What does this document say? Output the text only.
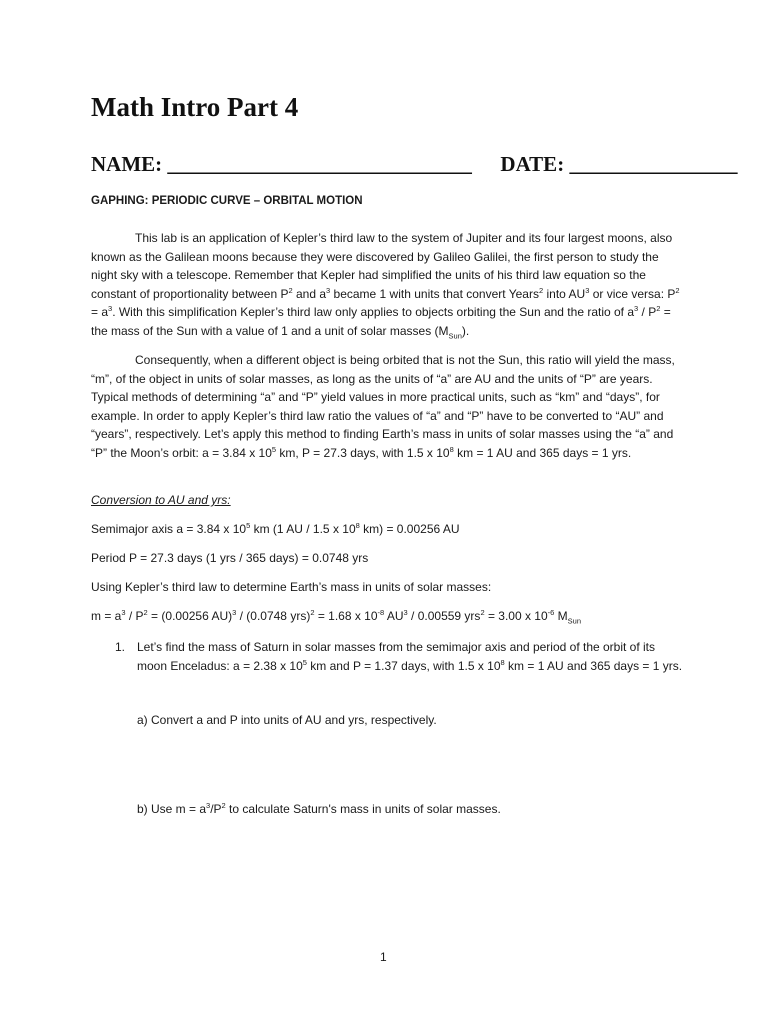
Math Intro Part 4
NAME: _____________________________ DATE: ________________
GAPHING: PERIODIC CURVE – ORBITAL MOTION

This lab is an application of Kepler’s third law to the system of Jupiter and its four largest moons, also known as the Galilean moons because they were discovered by Galileo Galilei, the first person to study the night sky with a telescope. Remember that Kepler had simplified the units of his third law equation so the constant of proportionality between $P^2$ and $a^3$ became 1 with units that convert Years$^2$ into $AU^3$ or vice versa: $P^2 = a^3$. With this simplification Kepler’s third law only applies to objects orbiting the Sun and the ratio of $a^3 / P^2$ = the mass of the Sun with a value of 1 and a unit of solar masses $(M_{Sun})$.

Consequently, when a different object is being orbited that is not the Sun, this ratio will yield the mass, “m”, of the object in units of solar masses, as long as the units of “a” are AU and the units of “P” are years. Typical methods of determining “a” and “P” yield values in more practical units, such as “km” and “days”, for example. In order to apply Kepler’s third law ratio the values of “a” and “P” have to be converted to “AU” and “years”, respectively. Let’s apply this method to finding Earth’s mass in units of solar masses using the “a” and “P” the Moon’s orbit: a = 3.84 x $10^5$ km, P = 27.3 days, with 1.5 x $10^8$ km = 1 AU and 365 days = 1 yrs.

Conversion to AU and yrs:
Semimajor axis a = 3.84 x $10^5$ km (1 AU / 1.5 x $10^8$ km) = 0.00256 AU
Period P = 27.3 days (1 yrs / 365 days) = 0.0748 yrs
Using Kepler’s third law to determine Earth’s mass in units of solar masses:
$m = a^3 / P^2 = (0.00256$ AU)$^3$ / (0.0748 yrs)$^2$ = 1.68 x $10^{-8}$ $AU^3 / 0.00559$ yrs$^2$ = 3.00 x $10^{-6}$ $M_{Sun}$
1. Let’s find the mass of Saturn in solar masses from the semimajor axis and period of the orbit of its moon Enceladus: a = 2.38 x $10^5$ km and P = 1.37 days, with 1.5 x $10^8$ km = 1 AU and 365 days = 1 yrs.
a) Convert a and P into units of AU and yrs, respectively.
b) Use $m = a^3/P^2$ to calculate Saturn's mass in units of solar masses.
1
